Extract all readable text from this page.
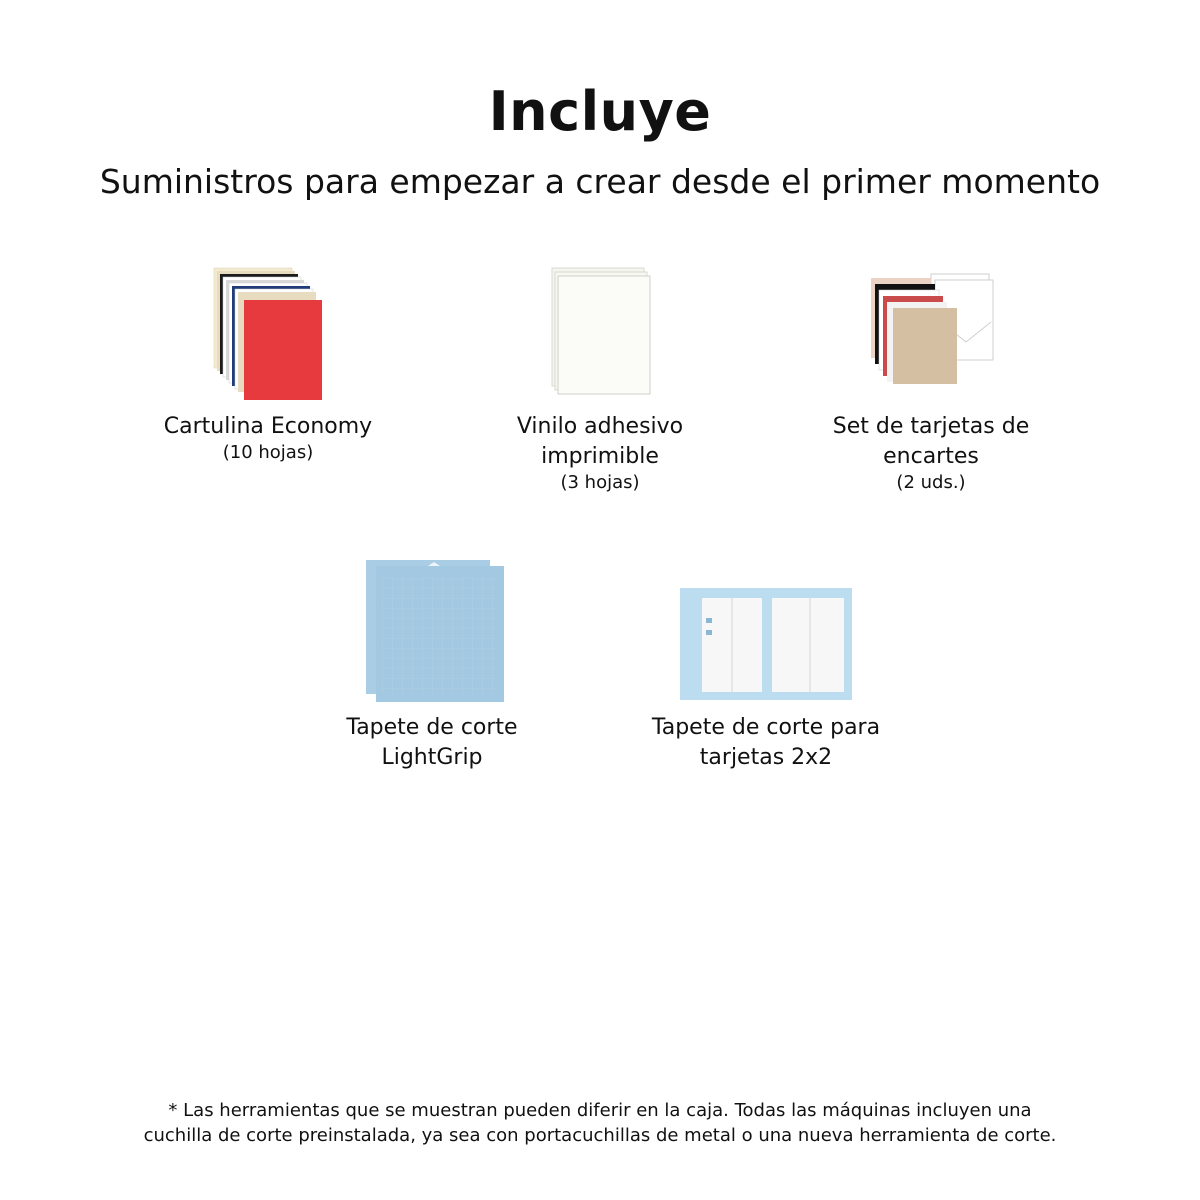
Incluye
Suministros para empezar a crear desde el primer momento
Cartulina Economy
(10 hojas)
Vinilo adhesivo
imprimible
(3 hojas)
Set de tarjetas de
encartes
(2 uds.)
Tapete de corte
LightGrip
Tapete de corte para
tarjetas 2x2
* Las herramientas que se muestran pueden diferir en la caja. Todas las máquinas incluyen una
cuchilla de corte preinstalada, ya sea con portacuchillas de metal o una nueva herramienta de corte.
